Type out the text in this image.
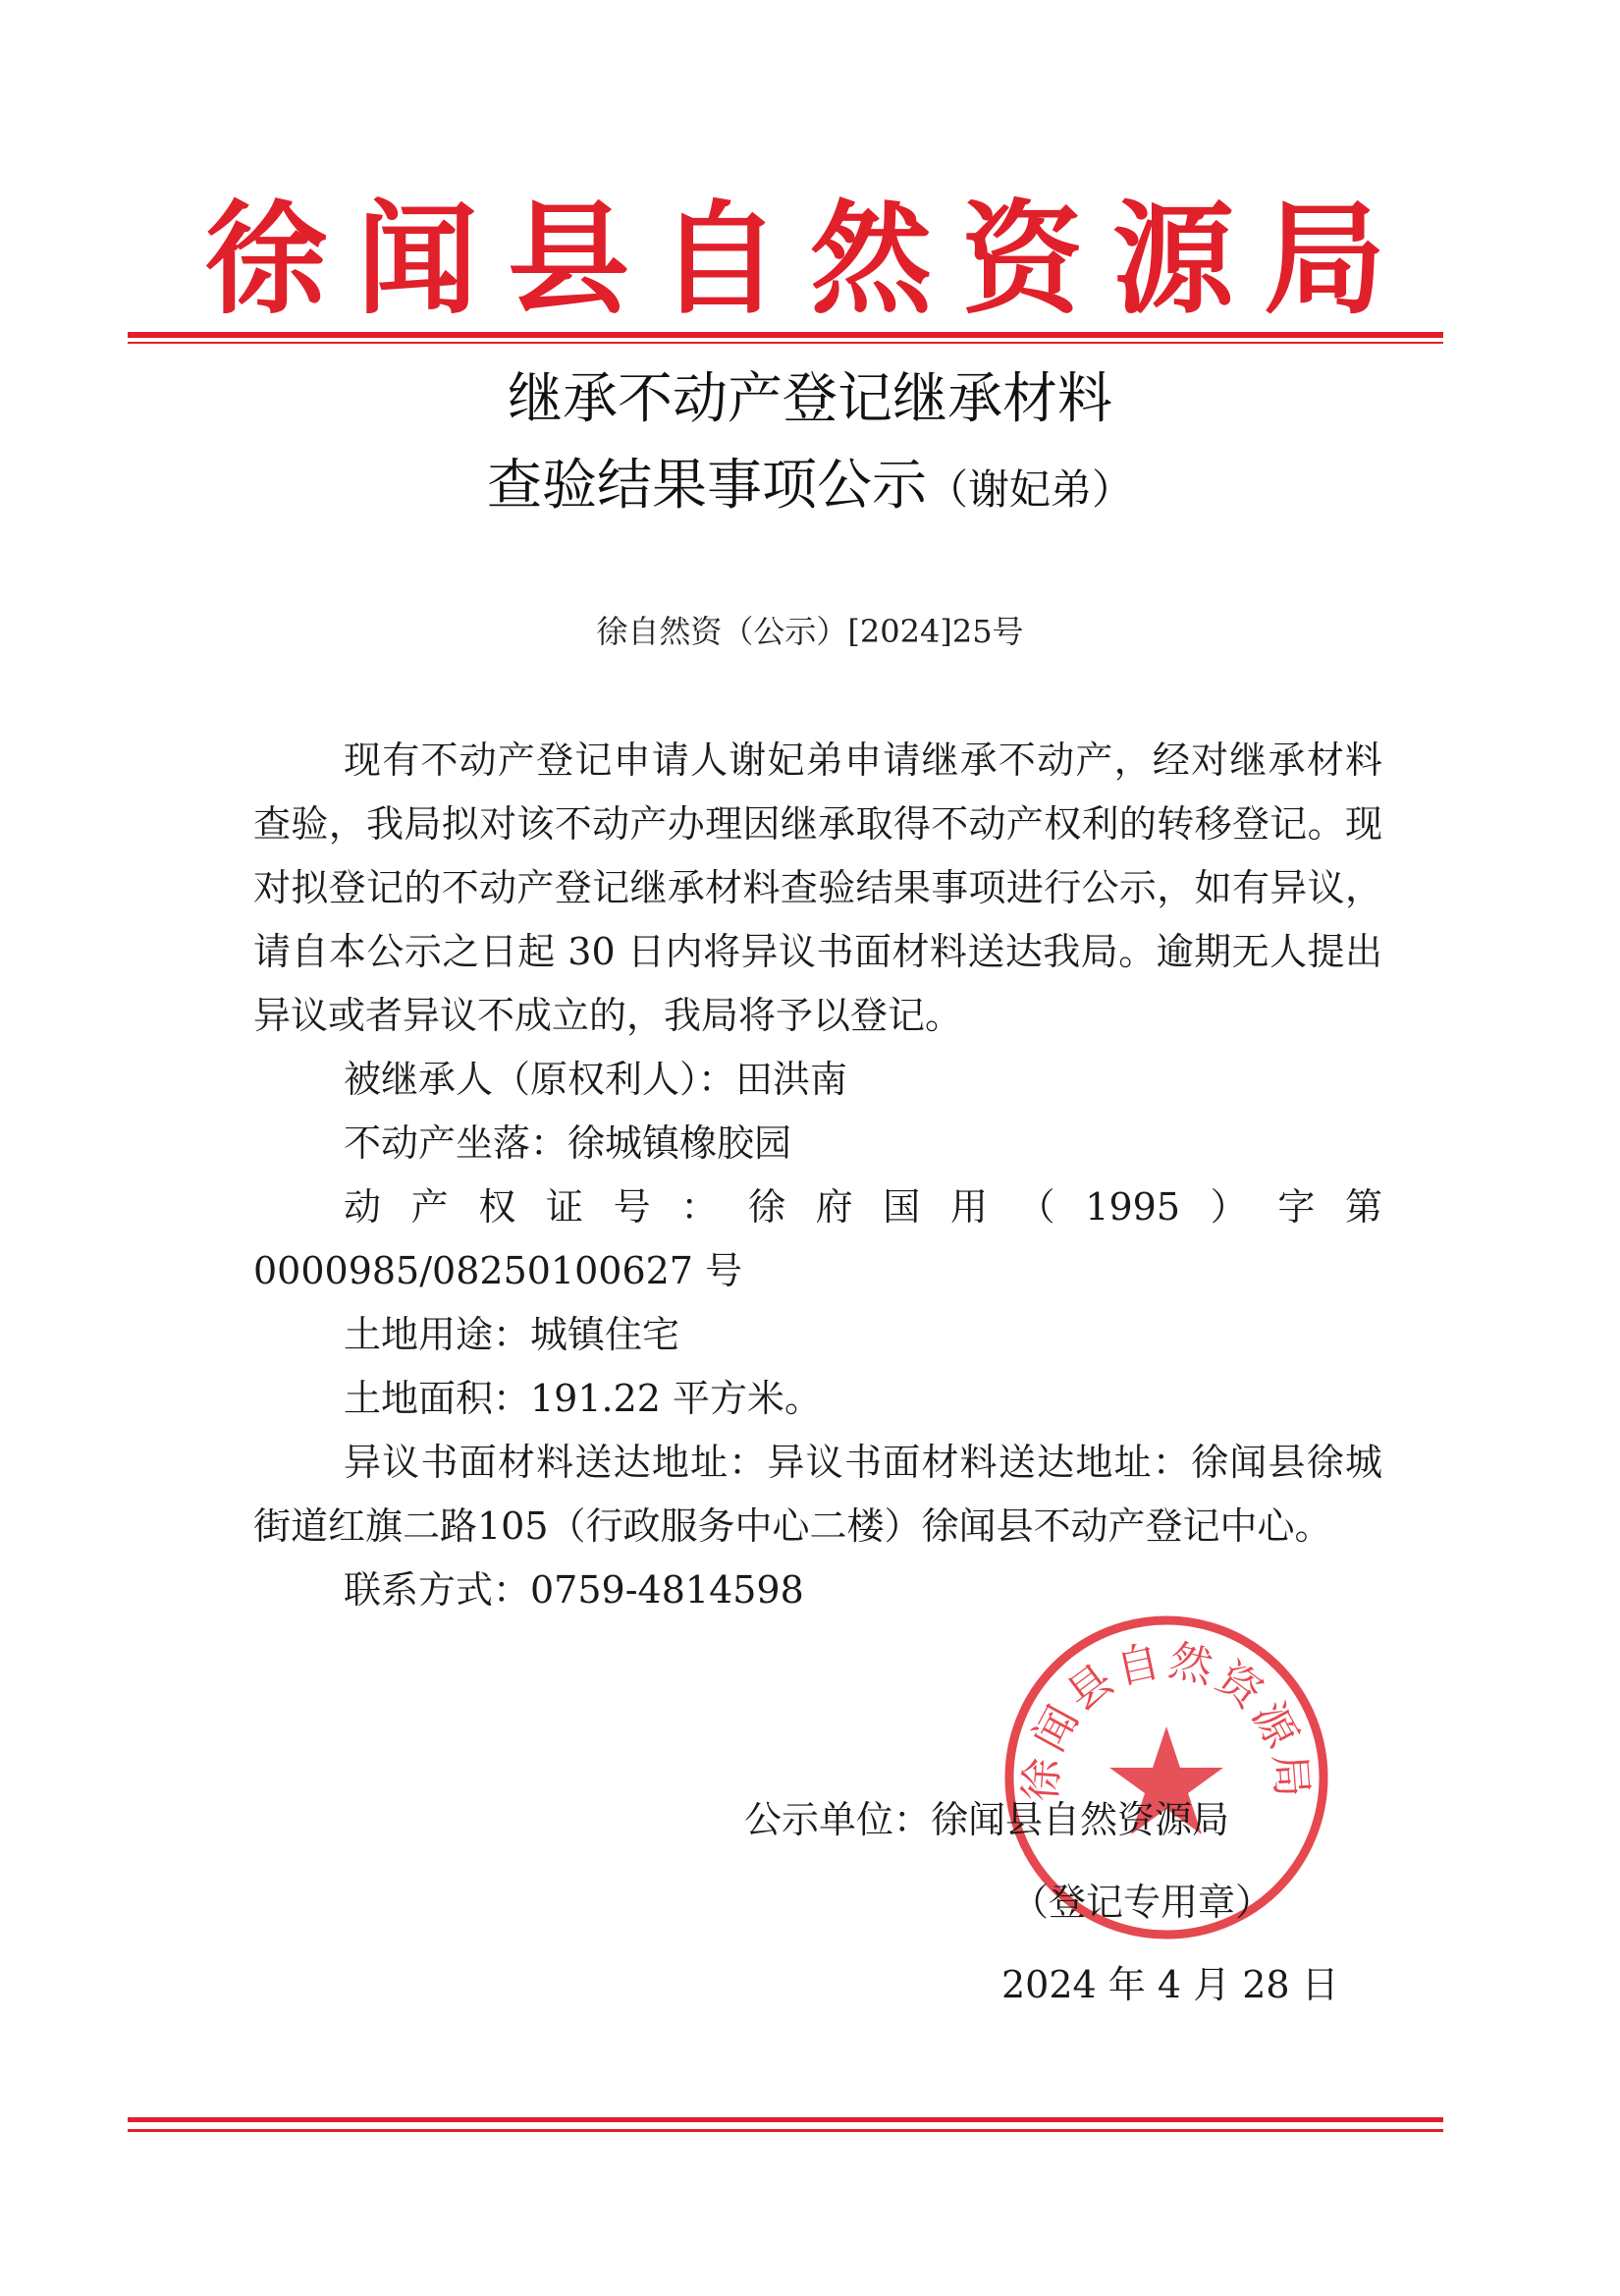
徐闻县自然资源局
继承不动产登记继承材料
查验结果事项公示（谢妃弟）
徐自然资（公示）[2024]25号

现有不动产登记申请人谢妃弟申请继承不动产，经对继承材料查验，我局拟对该不动产办理因继承取得不动产权利的转移登记。现对拟登记的不动产登记继承材料查验结果事项进行公示，如有异议，请自本公示之日起 30 日内将异议书面材料送达我局。逾期无人提出异议或者异议不成立的，我局将予以登记。

被继承人（原权利人）：田洪南

不动产坐落：徐城镇橡胶园

动产权证号：徐府国用（1995）字第0000985/08250100627 号

土地用途：城镇住宅

土地面积：191.22 平方米。

异议书面材料送达地址：异议书面材料送达地址：徐闻县徐城街道红旗二路105（行政服务中心二楼）徐闻县不动产登记中心。

联系方式：0759-4814598

徐闻县自然资源局
公示单位：徐闻县自然资源局
（登记专用章）
2024 年 4 月 28 日
